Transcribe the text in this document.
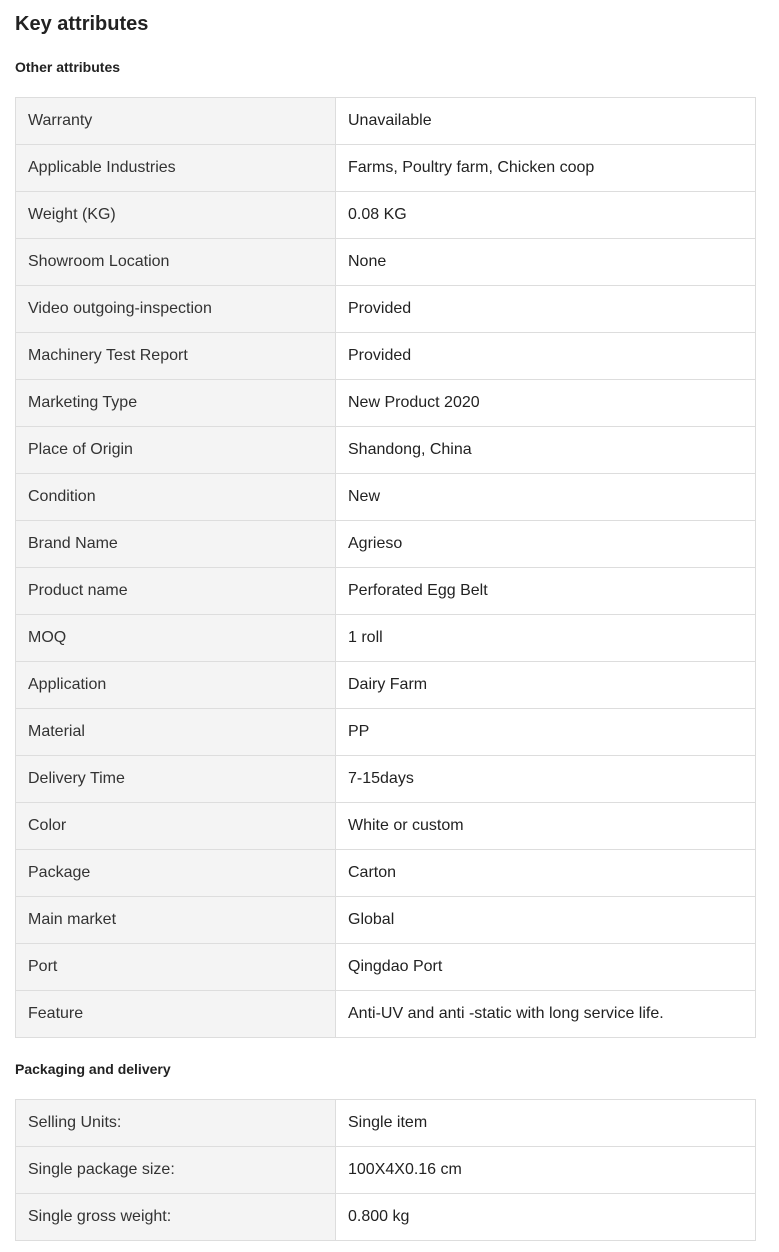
Key attributes
Other attributes
Warranty	Unavailable
Applicable Industries	Farms, Poultry farm, Chicken coop
Weight (KG)	0.08 KG
Showroom Location	None
Video outgoing-inspection	Provided
Machinery Test Report	Provided
Marketing Type	New Product 2020
Place of Origin	Shandong, China
Condition	New
Brand Name	Agrieso
Product name	Perforated Egg Belt
MOQ	1 roll
Application	Dairy Farm
Material	PP
Delivery Time	7-15days
Color	White or custom
Package	Carton
Main market	Global
Port	Qingdao Port
Feature	Anti-UV and anti -static with long service life.
Packaging and delivery
Selling Units:	Single item
Single package size:	100X4X0.16 cm
Single gross weight:	0.800 kg
